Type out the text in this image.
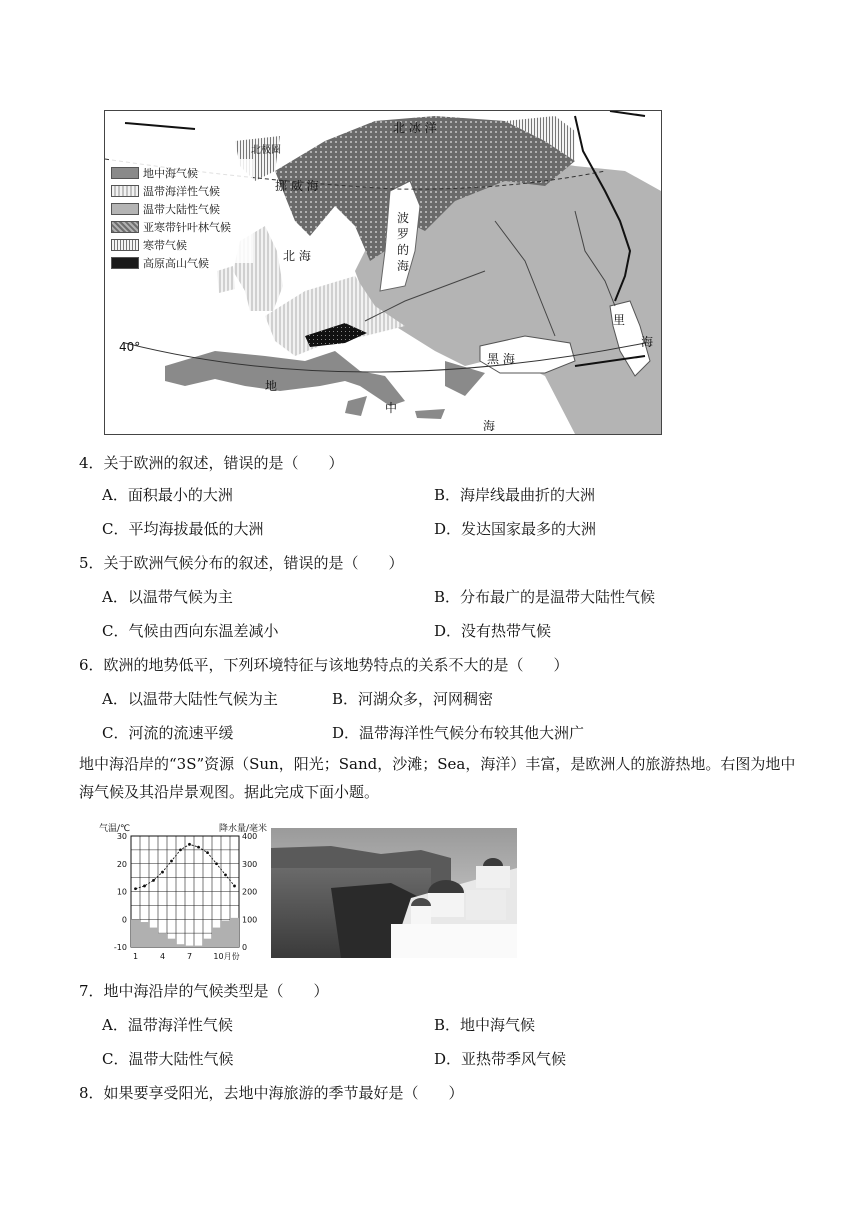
地中海气候
温带海洋性气候
温带大陆性气候
亚寒带针叶林气候
寒带气候
高原高山气候
北 冰 洋
北极圈
挪 威 海
北 海
波
罗
的
海
里
海
黑 海
40°
地
中
海
4．关于欧洲的叙述，错误的是（　　）
A．面积最小的大洲	B．海岸线最曲折的大洲
C．平均海拔最低的大洲	D．发达国家最多的大洲
5．关于欧洲气候分布的叙述，错误的是（　　）
A．以温带气候为主	B．分布最广的是温带大陆性气候
C．气候由西向东温差减小	D．没有热带气候
6．欧洲的地势低平，下列环境特征与该地势特点的关系不大的是（　　）
A．以温带大陆性气候为主	B．河湖众多，河网稠密
C．河流的流速平缓	D．温带海洋性气候分布较其他大洲广
地中海沿岸的“3S”资源（Sun，阳光；Sand，沙滩；Sea，海洋）丰富，是欧洲人的旅游热地。右图为地中海气候及其沿岸景观图。据此完成下面小题。
气温/℃	降水量/毫米
30
20
10
0
-10
400
300
200
100
0
1	4	7	10月份
7．地中海沿岸的气候类型是（　　）
A．温带海洋性气候	B．地中海气候
C．温带大陆性气候	D．亚热带季风气候
8．如果要享受阳光，去地中海旅游的季节最好是（　　）
